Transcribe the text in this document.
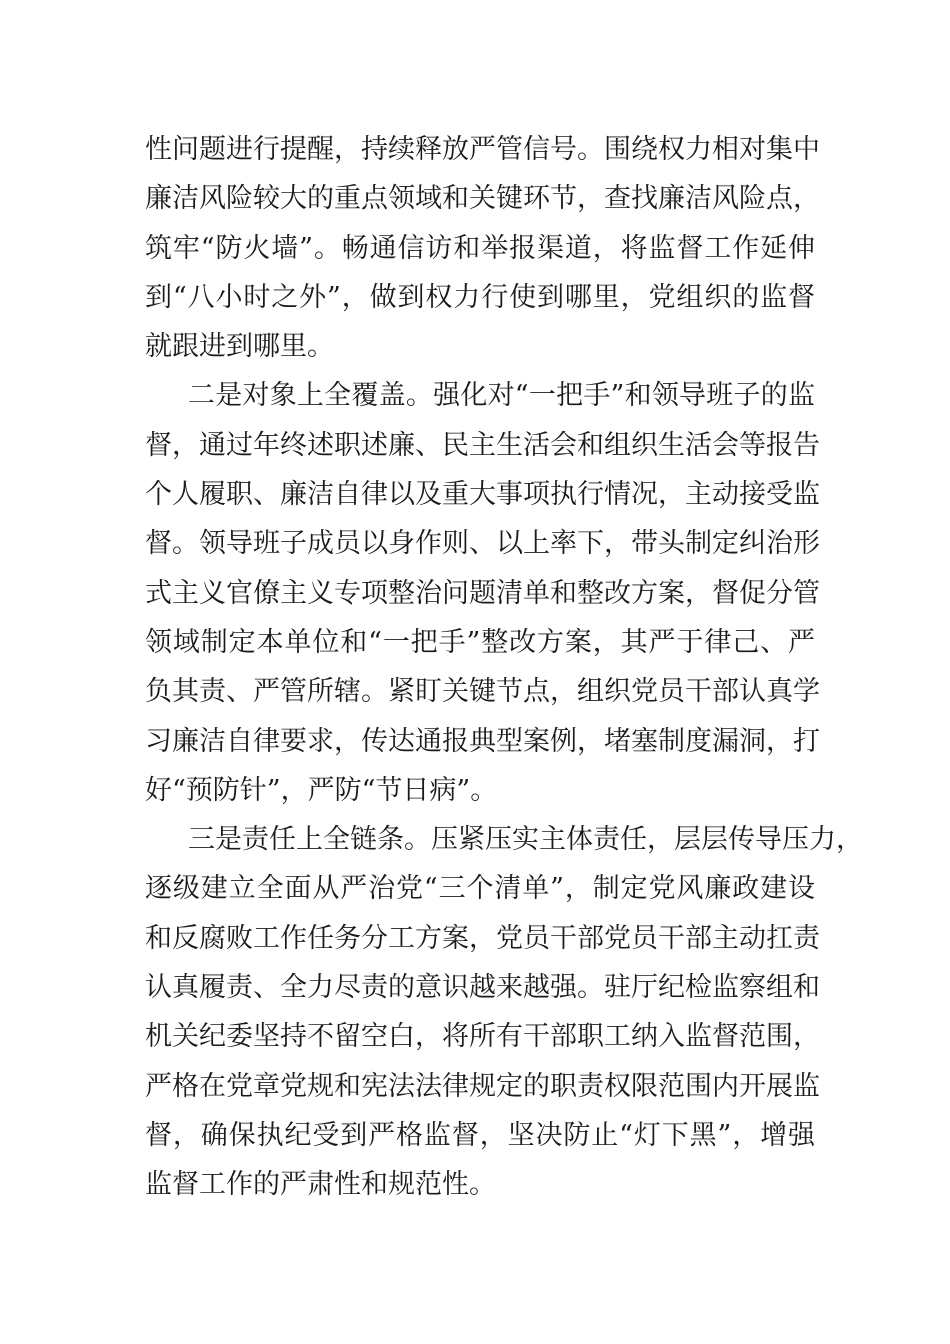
性问题进行提醒，持续释放严管信号。围绕权力相对集中
廉洁风险较大的重点领域和关键环节，查找廉洁风险点，
筑牢“防火墙”。畅通信访和举报渠道，将监督工作延伸
到“八小时之外”，做到权力行使到哪里，党组织的监督
就跟进到哪里。
二是对象上全覆盖。强化对“一把手”和领导班子的监
督，通过年终述职述廉、民主生活会和组织生活会等报告
个人履职、廉洁自律以及重大事项执行情况，主动接受监
督。领导班子成员以身作则、以上率下，带头制定纠治形
式主义官僚主义专项整治问题清单和整改方案，督促分管
领域制定本单位和“一把手”整改方案，其严于律己、严
负其责、严管所辖。紧盯关键节点，组织党员干部认真学
习廉洁自律要求，传达通报典型案例，堵塞制度漏洞，打
好“预防针”，严防“节日病”。
三是责任上全链条。压紧压实主体责任，层层传导压力，
逐级建立全面从严治党“三个清单”，制定党风廉政建设
和反腐败工作任务分工方案，党员干部党员干部主动扛责
认真履责、全力尽责的意识越来越强。驻厅纪检监察组和
机关纪委坚持不留空白，将所有干部职工纳入监督范围，
严格在党章党规和宪法法律规定的职责权限范围内开展监
督，确保执纪受到严格监督，坚决防止“灯下黑”，增强
监督工作的严肃性和规范性。
